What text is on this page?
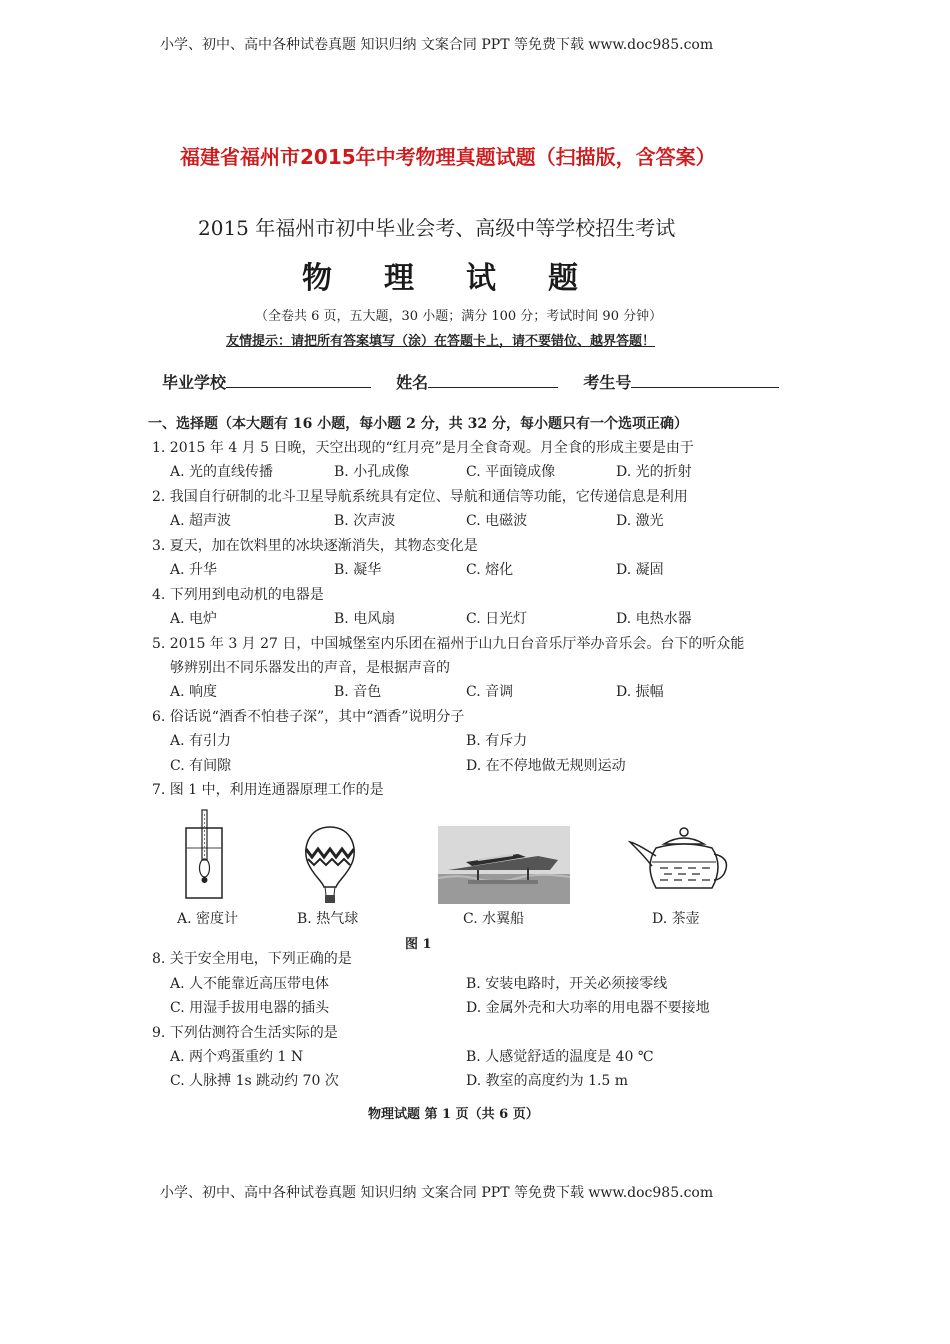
小学、初中、高中各种试卷真题 知识归纳 文案合同 PPT 等免费下载 www.doc985.com
福建省福州市2015年中考物理真题试题（扫描版，含答案）
2015 年福州市初中毕业会考、高级中等学校招生考试
物理试题
（全卷共 6 页，五大题，30 小题；满分 100 分；考试时间 90 分钟）
友情提示：请把所有答案填写（涂）在答题卡上，请不要错位、越界答题！
毕业学校	姓名	考生号
一、选择题（本大题有 16 小题，每小题 2 分，共 32 分，每小题只有一个选项正确）
1. 2015 年 4 月 5 日晚，天空出现的“红月亮”是月全食奇观。月全食的形成主要是由于
A. 光的直线传播	B. 小孔成像	C. 平面镜成像	D. 光的折射
2. 我国自行研制的北斗卫星导航系统具有定位、导航和通信等功能，它传递信息是利用
A. 超声波	B. 次声波	C. 电磁波	D. 激光
3. 夏天，加在饮料里的冰块逐渐消失，其物态变化是
A. 升华	B. 凝华	C. 熔化	D. 凝固
4. 下列用到电动机的电器是
A. 电炉	B. 电风扇	C. 日光灯	D. 电热水器
5. 2015 年 3 月 27 日，中国城堡室内乐团在福州于山九日台音乐厅举办音乐会。台下的听众能
够辨别出不同乐器发出的声音，是根据声音的
A. 响度	B. 音色	C. 音调	D. 振幅
6. 俗话说“酒香不怕巷子深”，其中“酒香”说明分子
A. 有引力	B. 有斥力
C. 有间隙	D. 在不停地做无规则运动
7. 图 1 中，利用连通器原理工作的是
A. 密度计	B. 热气球	C. 水翼船	D. 茶壶
图 1
8. 关于安全用电，下列正确的是
A. 人不能靠近高压带电体	B. 安装电路时，开关必须接零线
C. 用湿手拔用电器的插头	D. 金属外壳和大功率的用电器不要接地
9. 下列估测符合生活实际的是
A. 两个鸡蛋重约 1 N	B. 人感觉舒适的温度是 40 ℃
C. 人脉搏 1s 跳动约 70 次	D. 教室的高度约为 1.5 m
物理试题 第 1 页（共 6 页）
小学、初中、高中各种试卷真题 知识归纳 文案合同 PPT 等免费下载 www.doc985.com
